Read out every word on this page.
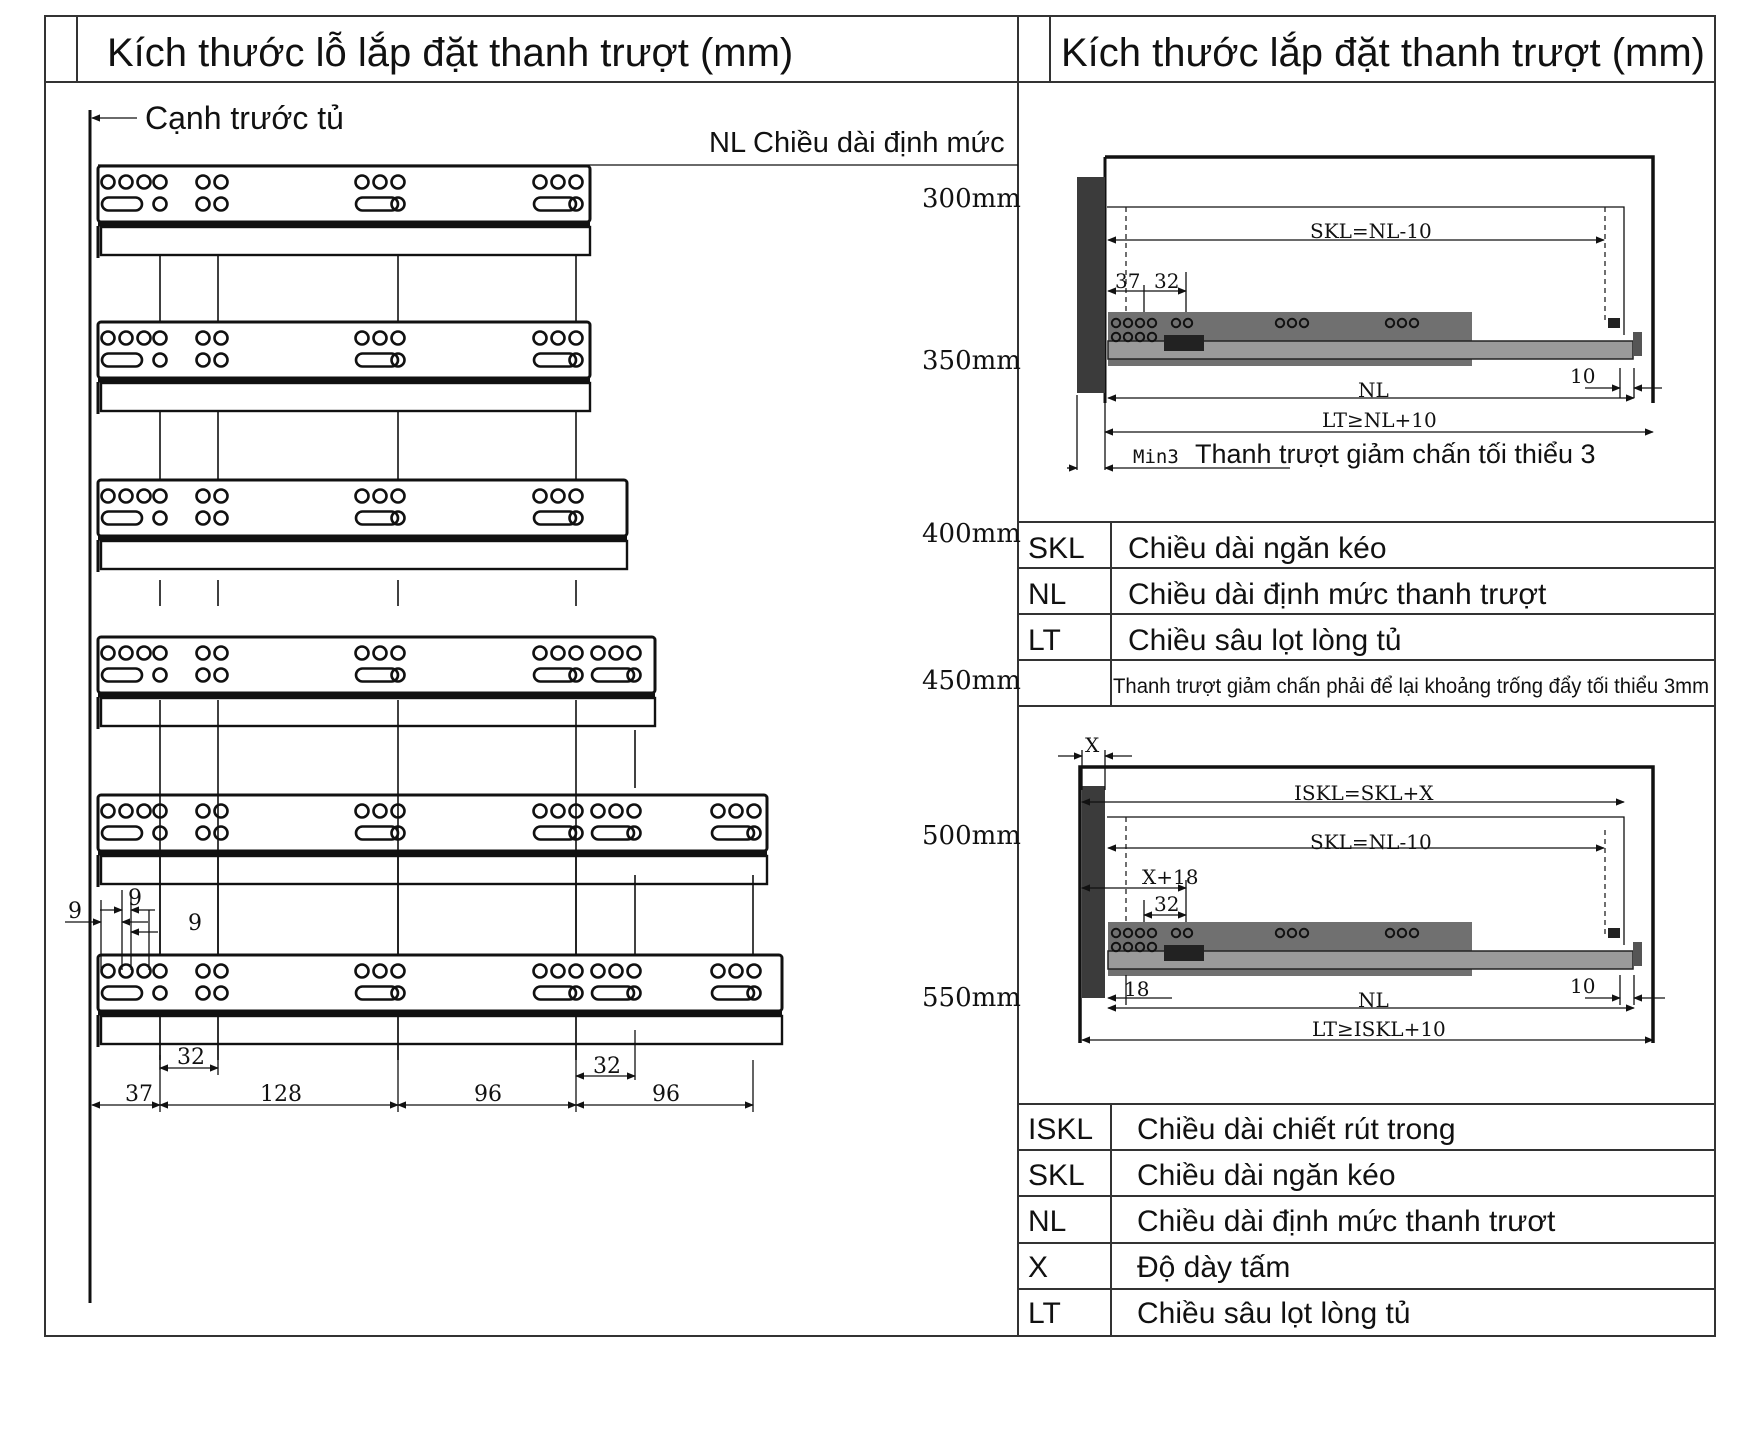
Kích thước lỗ lắp đặt thanh trượt (mm)	Kích thước lắp đặt thanh trượt (mm)
Cạnh trước tủ
NL Chiều dài định mức
300mm
350mm
400mm
450mm
500mm
550mm
9
9
9
32	32
37	128	96	96
SKL=NL-10
37 32
10
NL
LT≥NL+10
Min3 Thanh trượt giảm chấn tối thiểu 3
SKL Chiều dài ngăn kéo
NL Chiều dài định mức thanh trượt
LT Chiều sâu lọt lòng tủ
Thanh trượt giảm chấn phải để lại khoảng trống đẩy tối thiểu 3mm
X
ISKL=SKL+X
SKL=NL-10
X+18
32
18	10
NL
LT≥ISKL+10
ISKL Chiều dài chiết rút trong
SKL Chiều dài ngăn kéo
NL Chiều dài định mức thanh trươt
X	Độ dày tấm
LT	Chiều sâu lọt lòng tủ
